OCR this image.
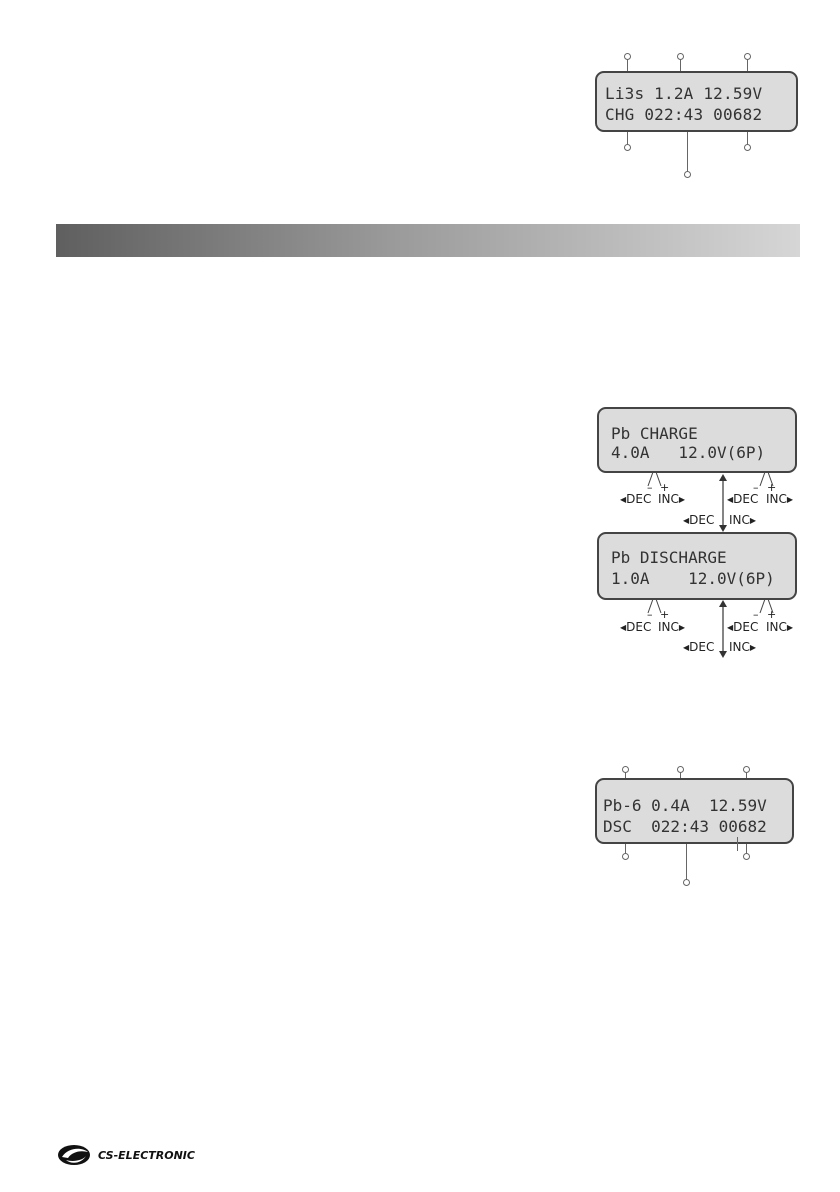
Li3s 1.2A 12.59V
CHG 022:43 00682
Pb CHARGE
4.0A   12.0V(6P)
– +
◀DEC INC▶
– +
◀DEC INC▶
◀DEC INC▶
Pb DISCHARGE
1.0A    12.0V(6P)
– +
◀DEC INC▶
– +
◀DEC INC▶
◀DEC INC▶
Pb-6 0.4A  12.59V
DSC  022:43 00682
CS-ELECTRONIC
